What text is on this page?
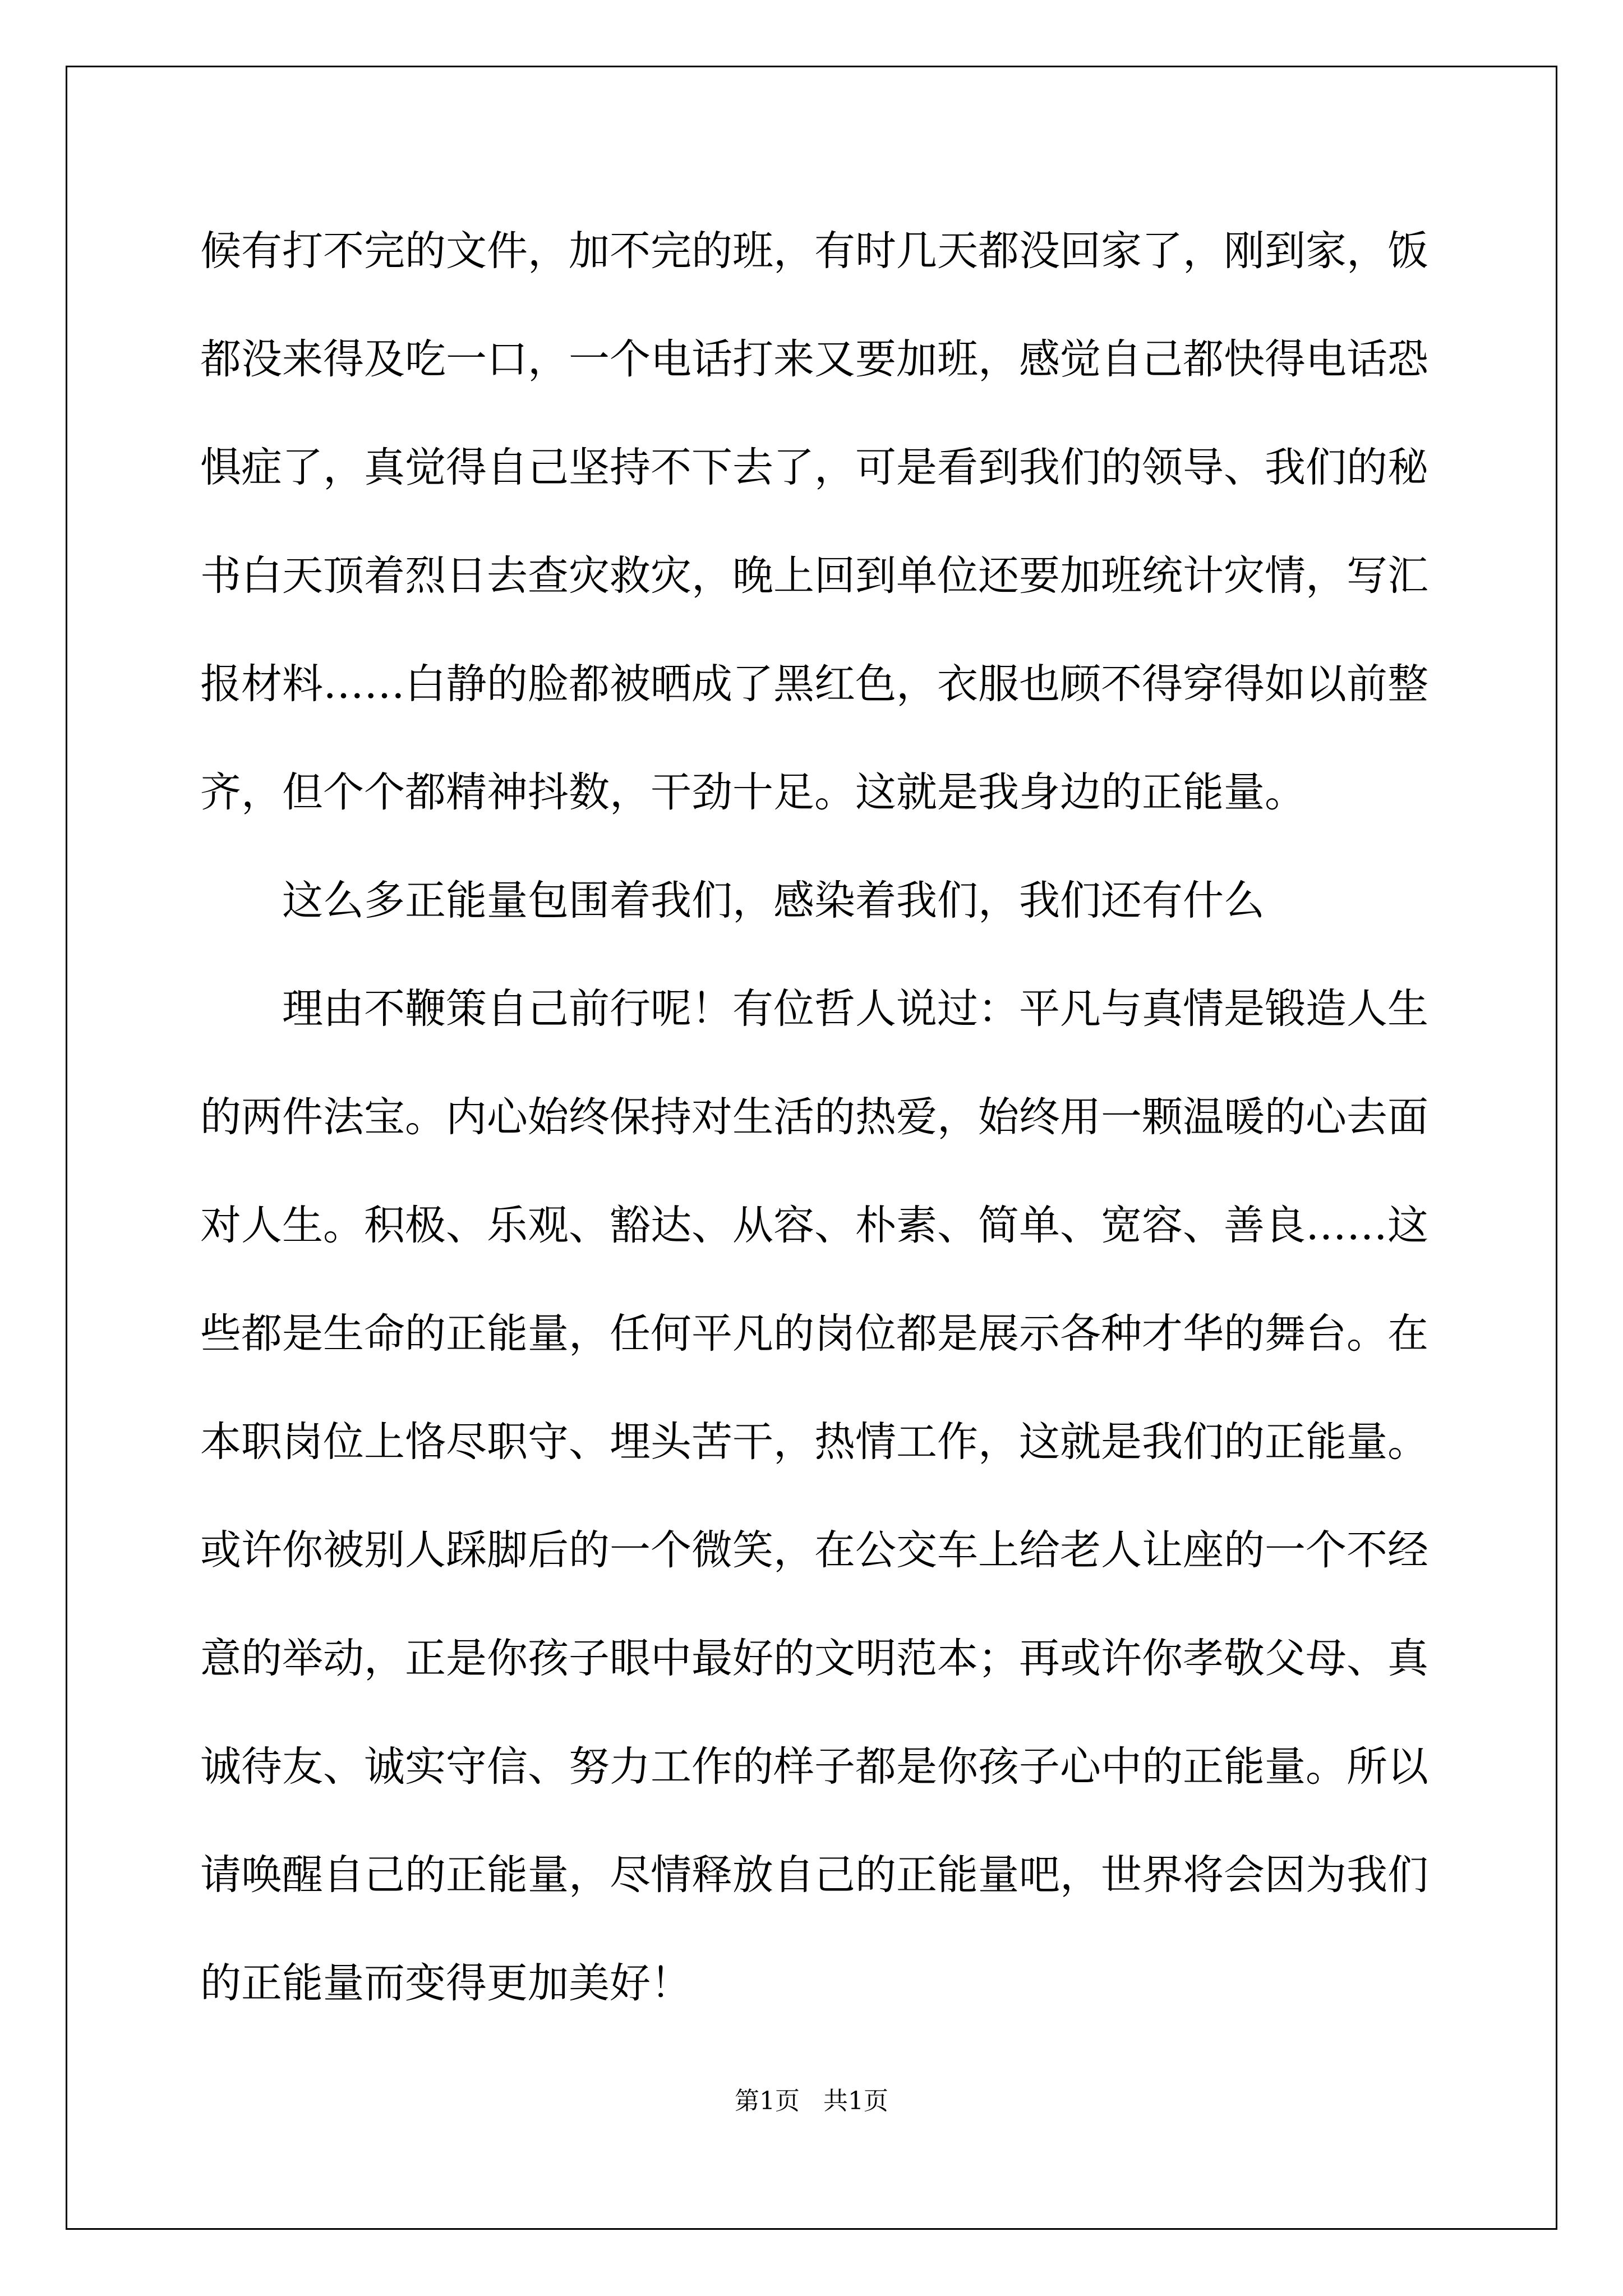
候有打不完的文件，加不完的班，有时几天都没回家了，刚到家，饭
都没来得及吃一口，一个电话打来又要加班，感觉自己都快得电话恐
惧症了，真觉得自己坚持不下去了，可是看到我们的领导、我们的秘
书白天顶着烈日去查灾救灾，晚上回到单位还要加班统计灾情，写汇
报材料……白静的脸都被晒成了黑红色，衣服也顾不得穿得如以前整
齐，但个个都精神抖数，干劲十足。这就是我身边的正能量。
这么多正能量包围着我们，感染着我们，我们还有什么
理由不鞭策自己前行呢！有位哲人说过：平凡与真情是锻造人生
的两件法宝。内心始终保持对生活的热爱，始终用一颗温暖的心去面
对人生。积极、乐观、豁达、从容、朴素、简单、宽容、善良……这
些都是生命的正能量，任何平凡的岗位都是展示各种才华的舞台。在
本职岗位上恪尽职守、埋头苦干，热情工作，这就是我们的正能量。
或许你被别人踩脚后的一个微笑，在公交车上给老人让座的一个不经
意的举动，正是你孩子眼中最好的文明范本；再或许你孝敬父母、真
诚待友、诚实守信、努力工作的样子都是你孩子心中的正能量。所以
请唤醒自己的正能量，尽情释放自己的正能量吧，世界将会因为我们
的正能量而变得更加美好！
第1页   共1页
